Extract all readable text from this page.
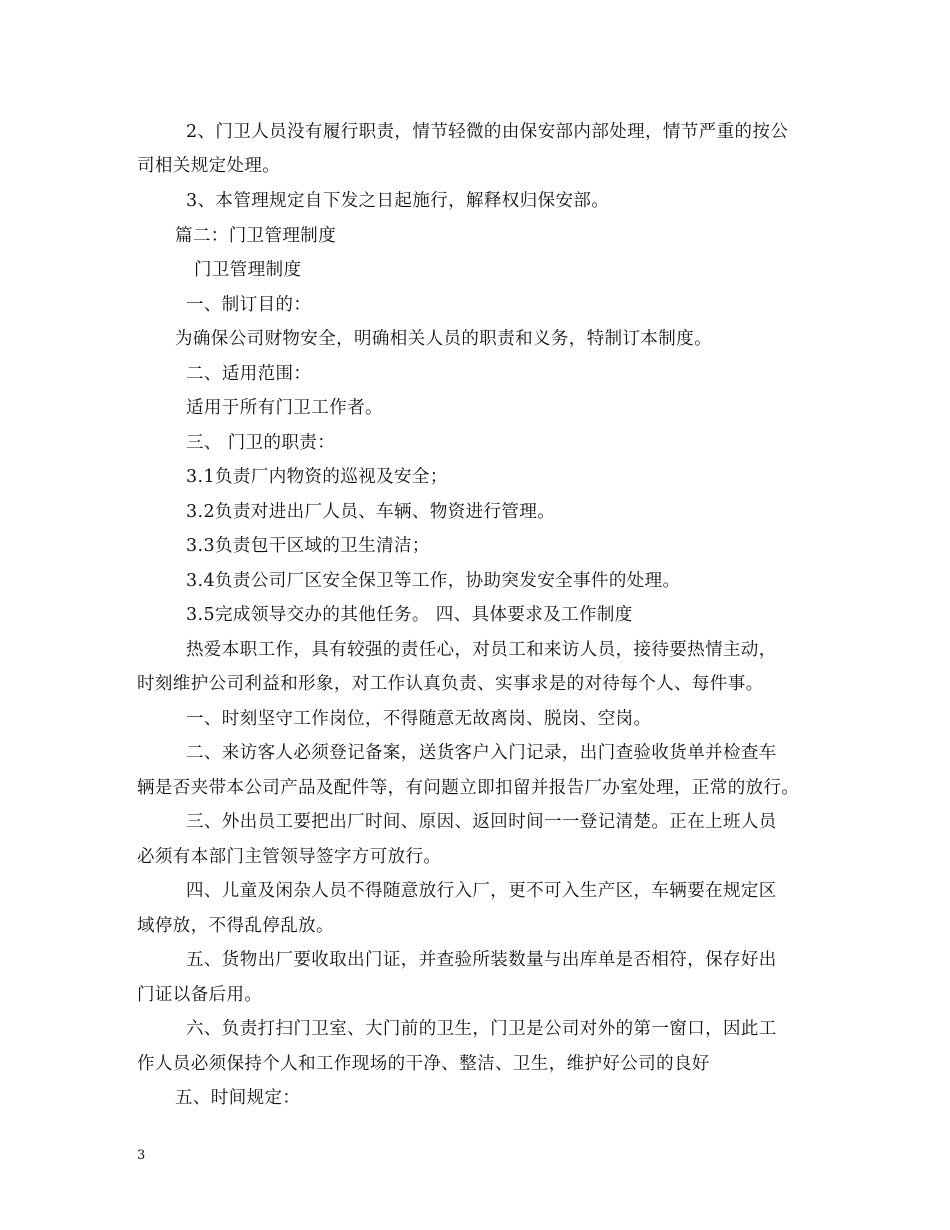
2、门卫人员没有履行职责，情节轻微的由保安部内部处理，情节严重的按公
司相关规定处理。
3、本管理规定自下发之日起施行，解释权归保安部。
篇二：门卫管理制度
门卫管理制度
一、制订目的：
为确保公司财物安全，明确相关人员的职责和义务，特制订本制度。
二、适用范围：
适用于所有门卫工作者。
三、 门卫的职责：
3.1负责厂内物资的巡视及安全；
3.2负责对进出厂人员、车辆、物资进行管理。
3.3负责包干区域的卫生清洁；
3.4负责公司厂区安全保卫等工作，协助突发安全事件的处理。
3.5完成领导交办的其他任务。 四、具体要求及工作制度
热爱本职工作，具有较强的责任心，对员工和来访人员，接待要热情主动，
时刻维护公司利益和形象，对工作认真负责、实事求是的对待每个人、每件事。
一、时刻坚守工作岗位，不得随意无故离岗、脱岗、空岗。
二、来访客人必须登记备案，送货客户入门记录，出门查验收货单并检查车
辆是否夹带本公司产品及配件等，有问题立即扣留并报告厂办室处理，正常的放行。
三、外出员工要把出厂时间、原因、返回时间一一登记清楚。正在上班人员
必须有本部门主管领导签字方可放行。
四、儿童及闲杂人员不得随意放行入厂，更不可入生产区，车辆要在规定区
域停放，不得乱停乱放。
五、货物出厂要收取出门证，并查验所装数量与出库单是否相符，保存好出
门证以备后用。
六、负责打扫门卫室、大门前的卫生，门卫是公司对外的第一窗口，因此工
作人员必须保持个人和工作现场的干净、整洁、卫生，维护好公司的良好
五、时间规定：
3
